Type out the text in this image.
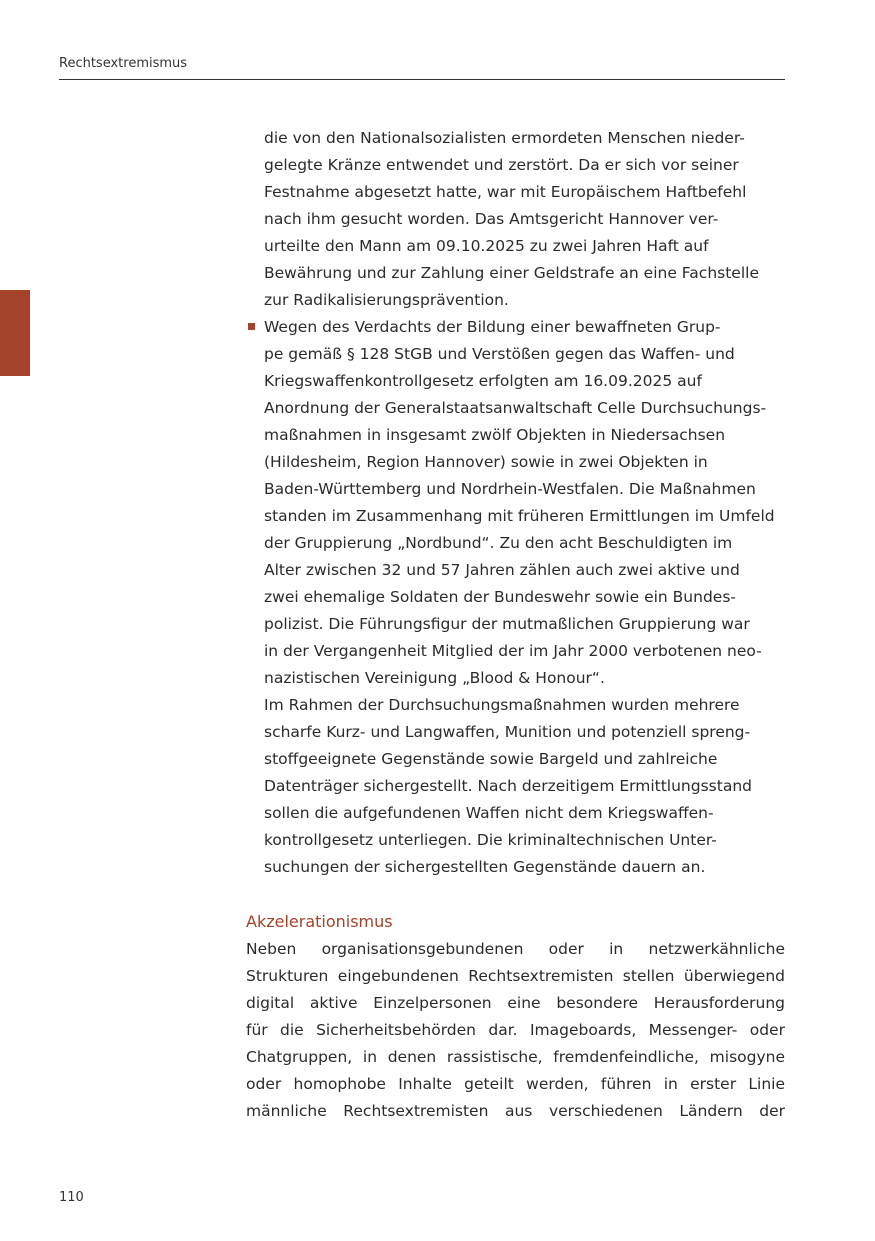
Rechtsextremismus
die von den Nationalsozialisten ermordeten Menschen nieder-
gelegte Kränze entwendet und zerstört. Da er sich vor seiner
Festnahme abgesetzt hatte, war mit Europäischem Haftbefehl
nach ihm gesucht worden. Das Amtsgericht Hannover ver-
urteilte den Mann am 09.10.2025 zu zwei Jahren Haft auf
Bewährung und zur Zahlung einer Geldstrafe an eine Fachstelle
zur Radikalisierungsprävention.
Wegen des Verdachts der Bildung einer bewaffneten Grup-
pe gemäß § 128 StGB und Verstößen gegen das Waffen- und
Kriegswaffenkontrollgesetz erfolgten am 16.09.2025 auf
Anordnung der Generalstaatsanwaltschaft Celle Durchsuchungs-
maßnahmen in insgesamt zwölf Objekten in Niedersachsen
(Hildesheim, Region Hannover) sowie in zwei Objekten in
Baden-Württemberg und Nordrhein-Westfalen. Die Maßnahmen
standen im Zusammenhang mit früheren Ermittlungen im Umfeld
der Gruppierung „Nordbund“. Zu den acht Beschuldigten im
Alter zwischen 32 und 57 Jahren zählen auch zwei aktive und
zwei ehemalige Soldaten der Bundeswehr sowie ein Bundes-
polizist. Die Führungsfigur der mutmaßlichen Gruppierung war
in der Vergangenheit Mitglied der im Jahr 2000 verbotenen neo-
nazistischen Vereinigung „Blood & Honour“.
Im Rahmen der Durchsuchungsmaßnahmen wurden mehrere
scharfe Kurz- und Langwaffen, Munition und potenziell spreng-
stoffgeeignete Gegenstände sowie Bargeld und zahlreiche
Datenträger sichergestellt. Nach derzeitigem Ermittlungsstand
sollen die aufgefundenen Waffen nicht dem Kriegswaffen-
kontrollgesetz unterliegen. Die kriminaltechnischen Unter-
suchungen der sichergestellten Gegenstände dauern an.
Akzelerationismus
Neben organisationsgebundenen oder in netzwerkähnliche
Strukturen eingebundenen Rechtsextremisten stellen überwiegend
digital aktive Einzelpersonen eine besondere Herausforderung
für die Sicherheitsbehörden dar. Imageboards, Messenger- oder
Chatgruppen, in denen rassistische, fremdenfeindliche, misogyne
oder homophobe Inhalte geteilt werden, führen in erster Linie
männliche Rechtsextremisten aus verschiedenen Ländern der
110
